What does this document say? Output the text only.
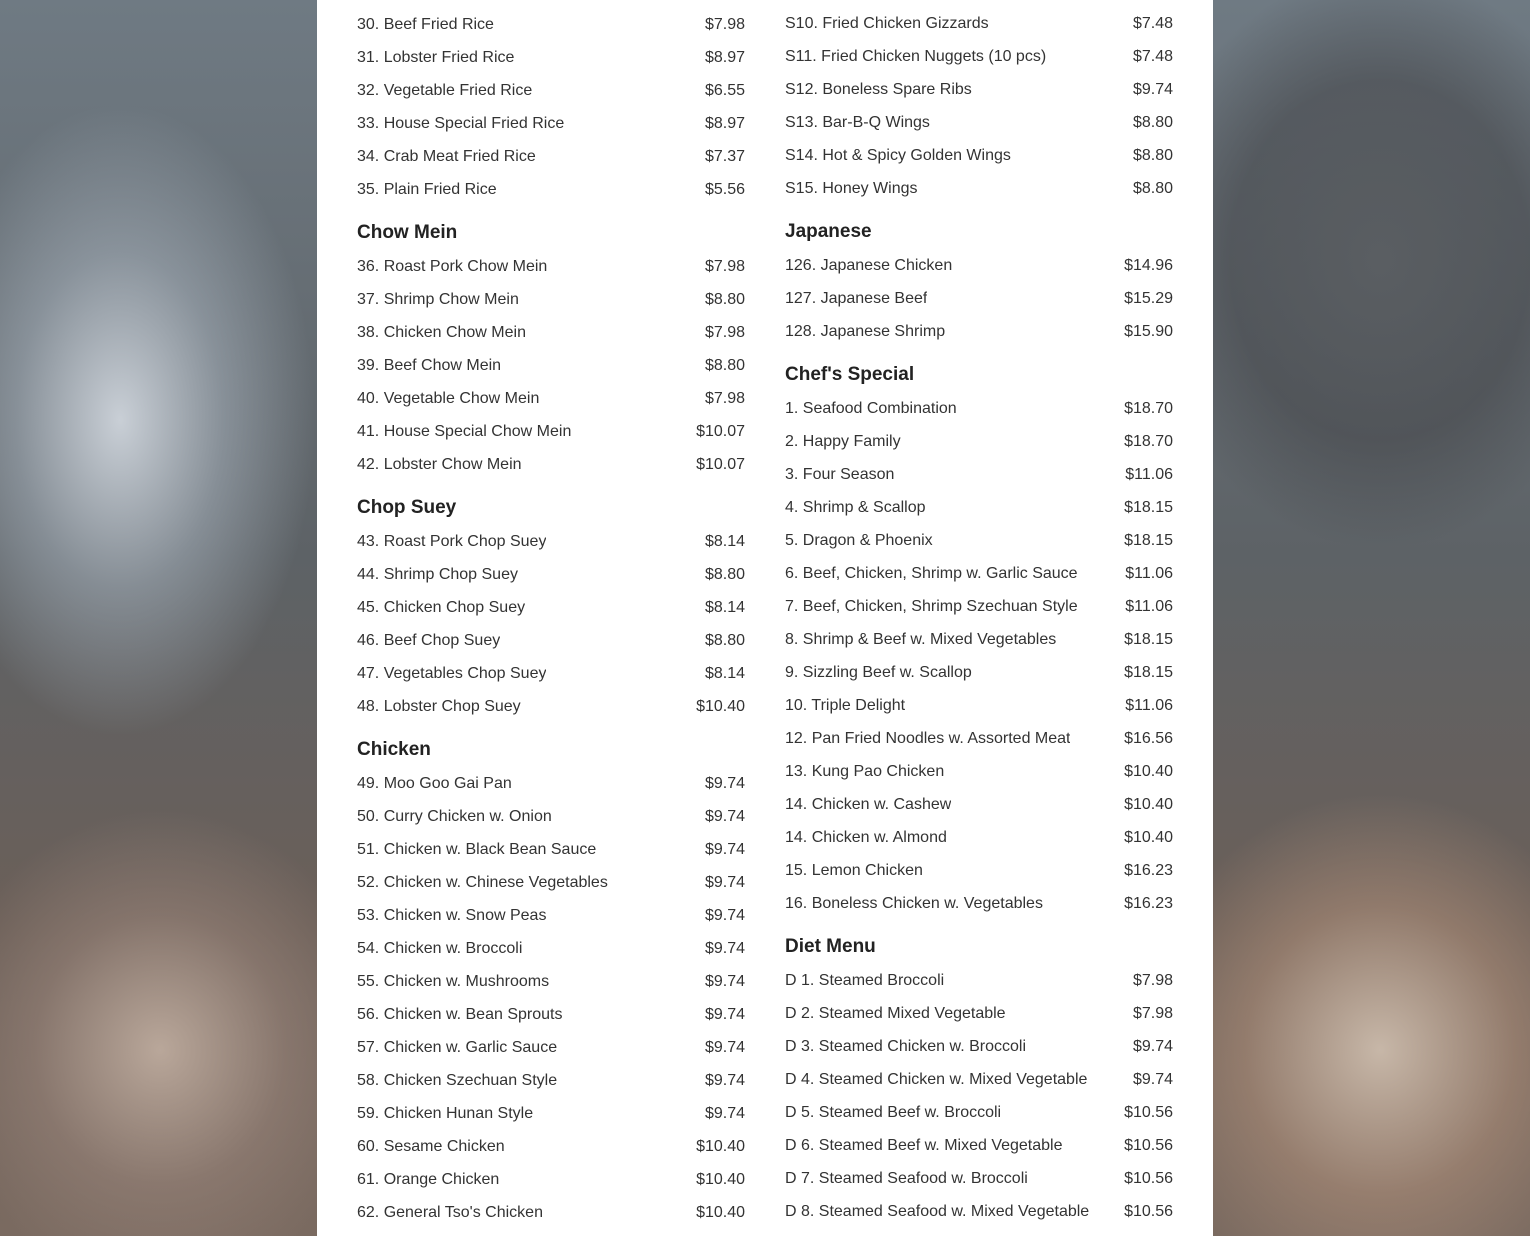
30. Beef Fried Rice	$7.98
31. Lobster Fried Rice	$8.97
32. Vegetable Fried Rice	$6.55
33. House Special Fried Rice	$8.97
34. Crab Meat Fried Rice	$7.37
35. Plain Fried Rice	$5.56
Chow Mein
36. Roast Pork Chow Mein	$7.98
37. Shrimp Chow Mein	$8.80
38. Chicken Chow Mein	$7.98
39. Beef Chow Mein	$8.80
40. Vegetable Chow Mein	$7.98
41. House Special Chow Mein	$10.07
42. Lobster Chow Mein	$10.07
Chop Suey
43. Roast Pork Chop Suey	$8.14
44. Shrimp Chop Suey	$8.80
45. Chicken Chop Suey	$8.14
46. Beef Chop Suey	$8.80
47. Vegetables Chop Suey	$8.14
48. Lobster Chop Suey	$10.40
Chicken
49. Moo Goo Gai Pan	$9.74
50. Curry Chicken w. Onion	$9.74
51. Chicken w. Black Bean Sauce	$9.74
52. Chicken w. Chinese Vegetables	$9.74
53. Chicken w. Snow Peas	$9.74
54. Chicken w. Broccoli	$9.74
55. Chicken w. Mushrooms	$9.74
56. Chicken w. Bean Sprouts	$9.74
57. Chicken w. Garlic Sauce	$9.74
58. Chicken Szechuan Style	$9.74
59. Chicken Hunan Style	$9.74
60. Sesame Chicken	$10.40
61. Orange Chicken	$10.40
62. General Tso's Chicken	$10.40
S10. Fried Chicken Gizzards	$7.48
S11. Fried Chicken Nuggets (10 pcs)	$7.48
S12. Boneless Spare Ribs	$9.74
S13. Bar-B-Q Wings	$8.80
S14. Hot & Spicy Golden Wings	$8.80
S15. Honey Wings	$8.80
Japanese
126. Japanese Chicken	$14.96
127. Japanese Beef	$15.29
128. Japanese Shrimp	$15.90
Chef's Special
1. Seafood Combination	$18.70
2. Happy Family	$18.70
3. Four Season	$11.06
4. Shrimp & Scallop	$18.15
5. Dragon & Phoenix	$18.15
6. Beef, Chicken, Shrimp w. Garlic Sauce	$11.06
7. Beef, Chicken, Shrimp Szechuan Style	$11.06
8. Shrimp & Beef w. Mixed Vegetables	$18.15
9. Sizzling Beef w. Scallop	$18.15
10. Triple Delight	$11.06
12. Pan Fried Noodles w. Assorted Meat	$16.56
13. Kung Pao Chicken	$10.40
14. Chicken w. Cashew	$10.40
14. Chicken w. Almond	$10.40
15. Lemon Chicken	$16.23
16. Boneless Chicken w. Vegetables	$16.23
Diet Menu
D 1. Steamed Broccoli	$7.98
D 2. Steamed Mixed Vegetable	$7.98
D 3. Steamed Chicken w. Broccoli	$9.74
D 4. Steamed Chicken w. Mixed Vegetable	$9.74
D 5. Steamed Beef w. Broccoli	$10.56
D 6. Steamed Beef w. Mixed Vegetable	$10.56
D 7. Steamed Seafood w. Broccoli	$10.56
D 8. Steamed Seafood w. Mixed Vegetable $10.56
